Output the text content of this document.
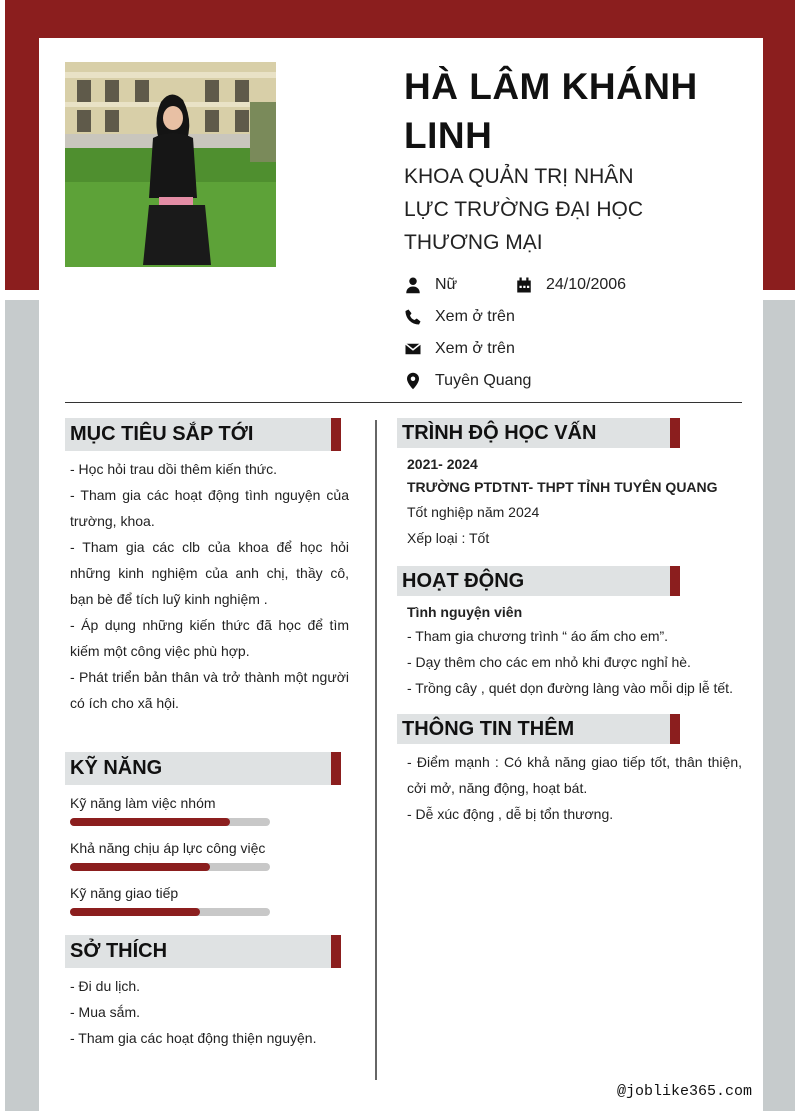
HÀ LÂM KHÁNH LINH
KHOA QUẢN TRỊ NHÂN LỰC TRƯỜNG ĐẠI HỌC THƯƠNG MẠI
Nữ	24/10/2006
Xem ở trên
Xem ở trên
Tuyên Quang
MỤC TIÊU SẮP TỚI

- Học hỏi trau dồi thêm kiến thức.

- Tham gia các hoạt động tình nguyện của trường, khoa.

- Tham gia các clb của khoa để học hỏi những kinh nghiệm của anh chị, thầy cô, bạn bè để tích luỹ kinh nghiệm .

- Áp dụng những kiến thức đã học để tìm kiếm một công việc phù hợp.

- Phát triển bản thân và trở thành một người có ích cho xã hội.

KỸ NĂNG
Kỹ năng làm việc nhóm
Khả năng chịu áp lực công việc
Kỹ năng giao tiếp
SỞ THÍCH

- Đi du lịch.

- Mua sắm.

- Tham gia các hoạt động thiện nguyện.

TRÌNH ĐỘ HỌC VẤN

2021- 2024

TRƯỜNG PTDTNT- THPT TỈNH TUYÊN QUANG

Tốt nghiệp năm 2024

Xếp loại : Tốt

HOẠT ĐỘNG

Tình nguyện viên

- Tham gia chương trình “ áo ấm cho em”.

- Dạy thêm cho các em nhỏ khi được nghỉ hè.

- Trồng cây , quét dọn đường làng vào mỗi dịp lễ tết.

THÔNG TIN THÊM

- Điểm mạnh : Có khả năng giao tiếp tốt, thân thiện, cởi mở, năng động, hoạt bát.

- Dễ xúc động , dễ bị tổn thương.

@joblike365.com
